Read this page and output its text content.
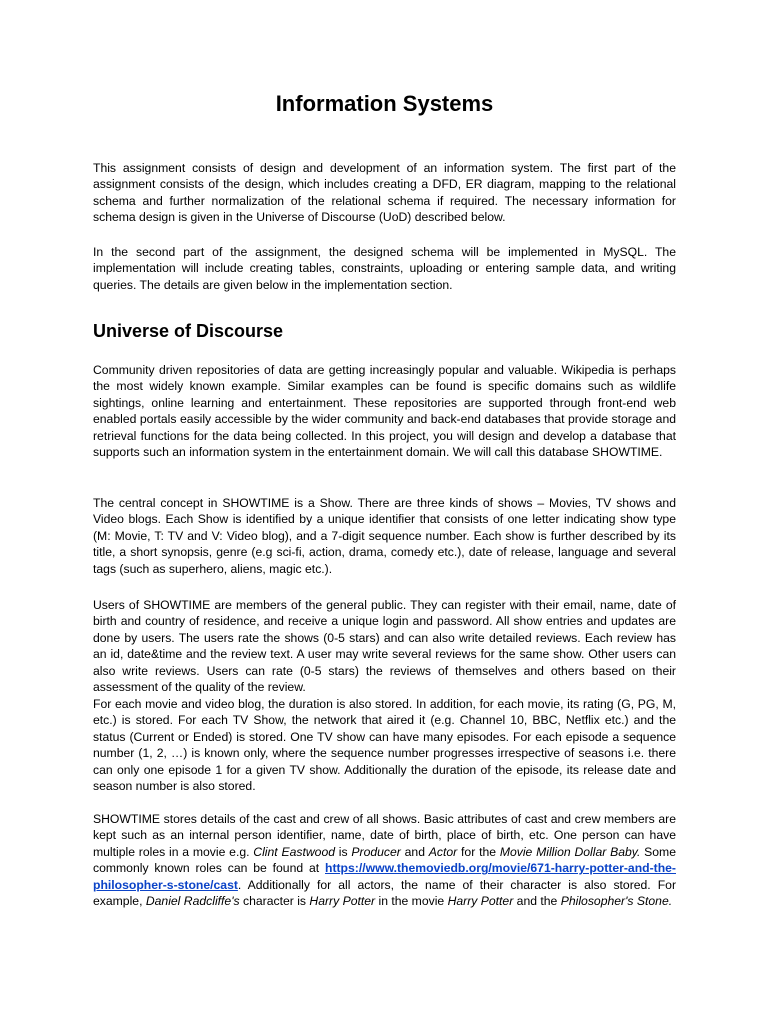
Information Systems

This assignment consists of design and development of an information system. The first part of the assignment consists of the design, which includes creating a DFD, ER diagram, mapping to the relational schema and further normalization of the relational schema if required. The necessary information for schema design is given in the Universe of Discourse (UoD) described below.

In the second part of the assignment, the designed schema will be implemented in MySQL. The implementation will include creating tables, constraints, uploading or entering sample data, and writing queries. The details are given below in the implementation section.

Universe of Discourse

Community driven repositories of data are getting increasingly popular and valuable. Wikipedia is perhaps the most widely known example. Similar examples can be found is specific domains such as wildlife sightings, online learning and entertainment. These repositories are supported through front-end web enabled portals easily accessible by the wider community and back-end databases that provide storage and retrieval functions for the data being collected. In this project, you will design and develop a database that supports such an information system in the entertainment domain. We will call this database SHOWTIME.

The central concept in SHOWTIME is a Show. There are three kinds of shows – Movies, TV shows and Video blogs. Each Show is identified by a unique identifier that consists of one letter indicating show type (M: Movie, T: TV and V: Video blog), and a 7-digit sequence number. Each show is further described by its title, a short synopsis, genre (e.g sci-fi, action, drama, comedy etc.), date of release, language and several tags (such as superhero, aliens, magic etc.).

Users of SHOWTIME are members of the general public. They can register with their email, name, date of birth and country of residence, and receive a unique login and password. All show entries and updates are done by users. The users rate the shows (0-5 stars) and can also write detailed reviews. Each review has an id, date&time and the review text. A user may write several reviews for the same show. Other users can also write reviews. Users can rate (0-5 stars) the reviews of themselves and others based on their assessment of the quality of the review.

For each movie and video blog, the duration is also stored. In addition, for each movie, its rating (G, PG, M, etc.) is stored. For each TV Show, the network that aired it (e.g. Channel 10, BBC, Netflix etc.) and the status (Current or Ended) is stored. One TV show can have many episodes. For each episode a sequence number (1, 2, …) is known only, where the sequence number progresses irrespective of seasons i.e. there can only one episode 1 for a given TV show. Additionally the duration of the episode, its release date and season number is also stored.

SHOWTIME stores details of the cast and crew of all shows. Basic attributes of cast and crew members are kept such as an internal person identifier, name, date of birth, place of birth, etc. One person can have multiple roles in a movie e.g. Clint Eastwood is Producer and Actor for the Movie Million Dollar Baby. Some commonly known roles can be found at https://www.themoviedb.org/movie/671-harry-potter-and-the-philosopher-s-stone/cast. Additionally for all actors, the name of their character is also stored. For example, Daniel Radcliffe's character is Harry Potter in the movie Harry Potter and the Philosopher's Stone.
